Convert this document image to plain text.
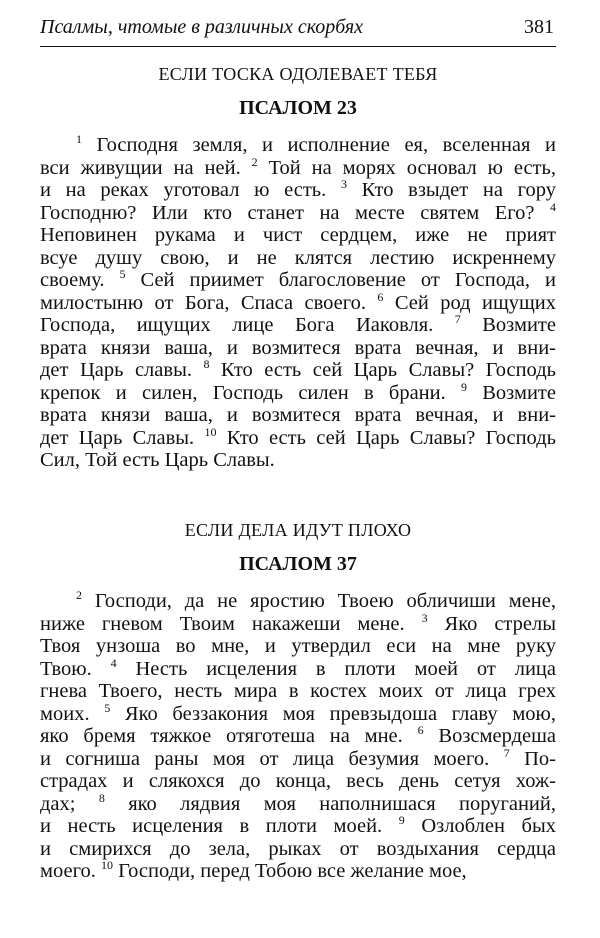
Псалмы, чтомые в различных скорбях	381
ЕСЛИ ТОСКА ОДОЛЕВАЕТ ТЕБЯ
ПСАЛОМ 23
$^1$ Господня земля, и исполнение ея, вселенная и
вси живущии на ней. $^2$ Той на морях основал ю есть,
и на реках уготовал ю есть. $^3$ Кто взыдет на гору
Господню? Или кто станет на месте святем Его? $^4$
Неповинен рукама и чист сердцем, иже не прият
всуе душу свою, и не клятся лестию искреннему
своему. $^5$ Сей приимет благословение от Господа, и
милостыню от Бога, Спаса своего. $^6$ Сей род ищущих
Господа, ищущих лице Бога Иаковля. $^7$ Возмите
врата князи ваша, и возмитеся врата вечная, и вни-
дет Царь славы. $^8$ Кто есть сей Царь Славы? Господь
крепок и силен, Господь силен в брани. $^9$ Возмите
врата князи ваша, и возмитеся врата вечная, и вни-
дет Царь Славы. $^{10}$ Кто есть сей Царь Славы? Господь
Сил, Той есть Царь Славы.
ЕСЛИ ДЕЛА ИДУТ ПЛОХО
ПСАЛОМ 37
$^2$ Господи, да не яростию Твоею обличиши мене,
ниже гневом Твоим накажеши мене. $^3$ Яко стрелы
Твоя унзоша во мне, и утвердил еси на мне руку
Твою. $^4$ Несть исцеления в плоти моей от лица
гнева Твоего, несть мира в костех моих от лица грех
моих. $^5$ Яко беззакония моя превзыдоша главу мою,
яко бремя тяжкое отяготеша на мне. $^6$ Возсмердеша
и согниша раны моя от лица безумия моего. $^7$ По-
страдах и слякохся до конца, весь день сетуя хож-
дах; $^8$ яко лядвия моя наполнишася поруганий,
и несть исцеления в плоти моей. $^9$ Озлоблен бых
и смирихся до зела, рыках от воздыхания сердца
моего. $^{10}$ Господи, перед Тобою все желание мое,
